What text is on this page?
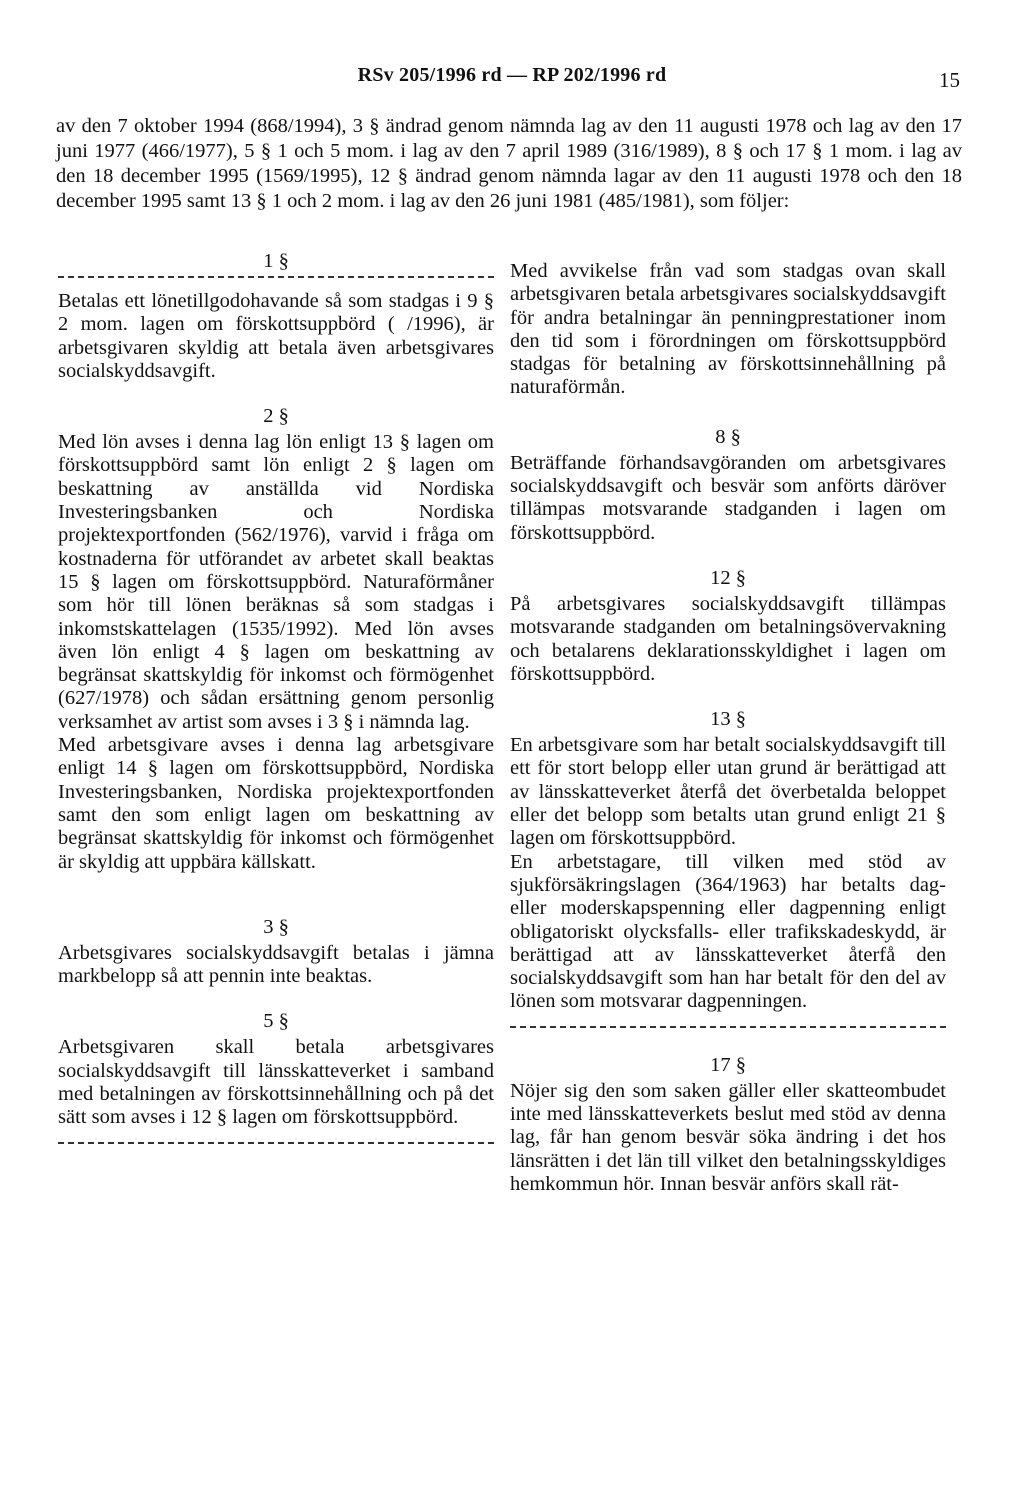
RSv 205/1996 rd — RP 202/1996 rd	15

av den 7 oktober 1994 (868/1994), 3 § ändrad genom nämnda lag av den 11 augusti 1978 och lag av den 17 juni 1977 (466/1977), 5 § 1 och 5 mom. i lag av den 7 april 1989 (316/1989), 8 § och 17 § 1 mom. i lag av den 18 december 1995 (1569/1995), 12 § ändrad genom nämnda lagar av den 11 augusti 1978 och den 18 december 1995 samt 13 § 1 och 2 mom. i lag av den 26 juni 1981 (485/1981), som följer:

1 §

Betalas ett lönetillgodohavande så som stadgas i 9 § 2 mom. lagen om förskottsuppbörd ( /1996), är arbetsgivaren skyldig att betala även arbetsgivares socialskyddsavgift.

2 §

Med lön avses i denna lag lön enligt 13 § lagen om förskottsuppbörd samt lön enligt 2 § lagen om beskattning av anställda vid Nordiska Investeringsbanken och Nordiska projektexportfonden (562/1976), varvid i fråga om kostnaderna för utförandet av arbetet skall beaktas 15 § lagen om förskottsuppbörd. Naturaförmåner som hör till lönen beräknas så som stadgas i inkomstskattelagen (1535/1992). Med lön avses även lön enligt 4 § lagen om beskattning av begränsat skattskyldig för inkomst och förmögenhet (627/1978) och sådan ersättning genom personlig verksamhet av artist som avses i 3 § i nämnda lag.

Med arbetsgivare avses i denna lag arbetsgivare enligt 14 § lagen om förskottsuppbörd, Nordiska Investeringsbanken, Nordiska projektexportfonden samt den som enligt lagen om beskattning av begränsat skattskyldig för inkomst och förmögenhet är skyldig att uppbära källskatt.

3 §

Arbetsgivares socialskyddsavgift betalas i jämna markbelopp så att pennin inte beaktas.

5 §

Arbetsgivaren skall betala arbetsgivares socialskyddsavgift till länsskatteverket i samband med betalningen av förskottsinnehållning och på det sätt som avses i 12 § lagen om förskottsuppbörd.

Med avvikelse från vad som stadgas ovan skall arbetsgivaren betala arbetsgivares socialskyddsavgift för andra betalningar än penningprestationer inom den tid som i förordningen om förskottsuppbörd stadgas för betalning av förskottsinnehållning på naturaförmån.

8 §

Beträffande förhandsavgöranden om arbetsgivares socialskyddsavgift och besvär som anförts däröver tillämpas motsvarande stadganden i lagen om förskottsuppbörd.

12 §

På arbetsgivares socialskyddsavgift tillämpas motsvarande stadganden om betalningsövervakning och betalarens deklarationsskyldighet i lagen om förskottsuppbörd.

13 §

En arbetsgivare som har betalt socialskyddsavgift till ett för stort belopp eller utan grund är berättigad att av länsskatteverket återfå det överbetalda beloppet eller det belopp som betalts utan grund enligt 21 § lagen om förskottsuppbörd.

En arbetstagare, till vilken med stöd av sjukförsäkringslagen (364/1963) har betalts dag- eller moderskapspenning eller dagpenning enligt obligatoriskt olycksfalls- eller trafikskadeskydd, är berättigad att av länsskatteverket återfå den socialskyddsavgift som han har betalt för den del av lönen som motsvarar dagpenningen.

17 §

Nöjer sig den som saken gäller eller skatteombudet inte med länsskatteverkets beslut med stöd av denna lag, får han genom besvär söka ändring i det hos länsrätten i det län till vilket den betalningsskyldiges hemkommun hör. Innan besvär anförs skall rät-
